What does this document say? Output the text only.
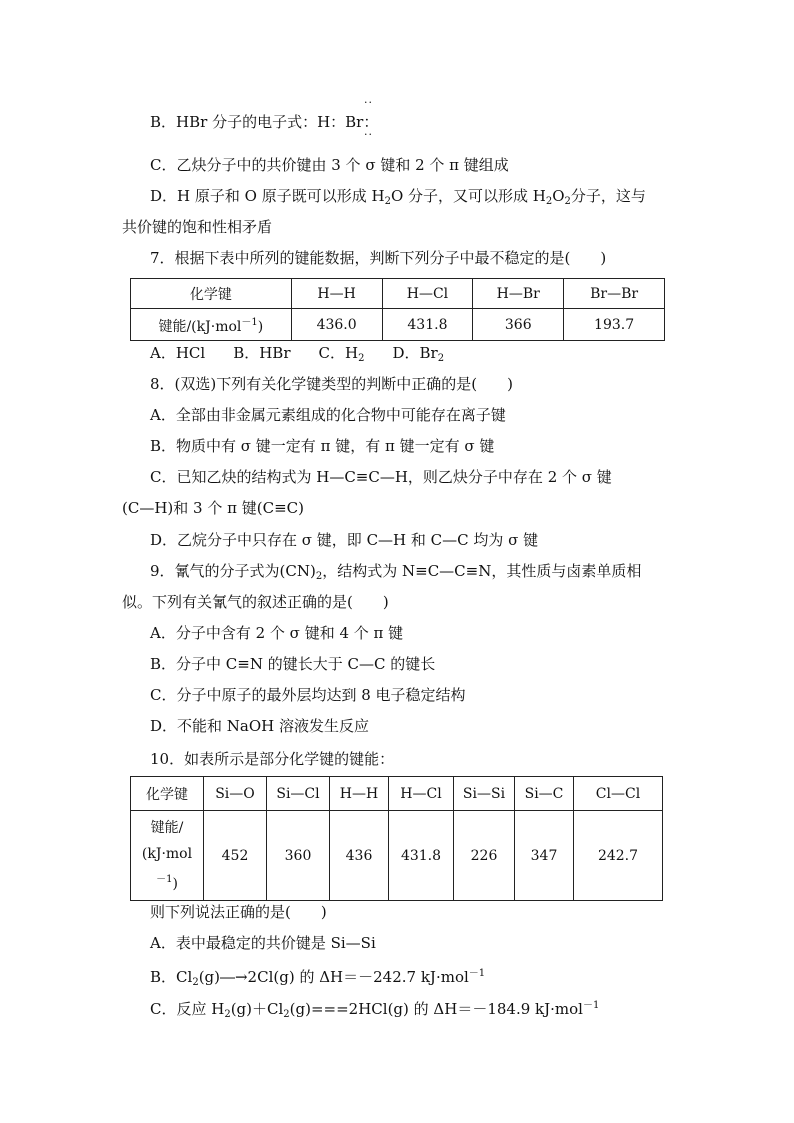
··
B．HBr 分子的电子式：H：Br：
··
C．乙炔分子中的共价键由 3 个 σ 键和 2 个 π 键组成
D．H 原子和 O 原子既可以形成 $H_2O$ 分子，又可以形成 $H_2O_2$分子，这与
共价键的饱和性相矛盾
7．根据下表中所列的键能数据，判断下列分子中最不稳定的是(　　)
化学键	H—H	H—Cl	H—Br	Br—Br
键能/(kJ·mol$^{-1}$)	436.0	431.8	366	193.7
A．HCl B．HBr C．$H_2$ D．$Br_2$
8．(双选)下列有关化学键类型的判断中正确的是(　　)
A．全部由非金属元素组成的化合物中可能存在离子键
B．物质中有 σ 键一定有 π 键，有 π 键一定有 σ 键
C．已知乙炔的结构式为 H—C≡C—H，则乙炔分子中存在 2 个 σ 键
(C—H)和 3 个 π 键(C≡C)
D．乙烷分子中只存在 σ 键，即 C—H 和 C—C 均为 σ 键
9．氰气的分子式为$(CN)_2$，结构式为 N≡C—C≡N，其性质与卤素单质相
似。下列有关氰气的叙述正确的是(　　)
A．分子中含有 2 个 σ 键和 4 个 π 键
B．分子中 C≡N 的键长大于 C—C 的键长
C．分子中原子的最外层均达到 8 电子稳定结构
D．不能和 NaOH 溶液发生反应
10．如表所示是部分化学键的键能：
化学键	Si—O	Si—Cl	H—H	H—Cl	Si—Si	Si—C	Cl—Cl
键能/
(kJ·mol
$^{-1}$)	452	360	436	431.8	226	347	242.7
则下列说法正确的是(　　)
A．表中最稳定的共价键是 Si—Si
B．$Cl_2(g)―\to 2Cl(g)$ 的 ΔH＝－242.7 kJ·mol$^{-1}$
C．反应 $H_2(g)+Cl_2(g)===2HCl(g)$ 的 ΔH＝－184.9 kJ·mol$^{-1}$
